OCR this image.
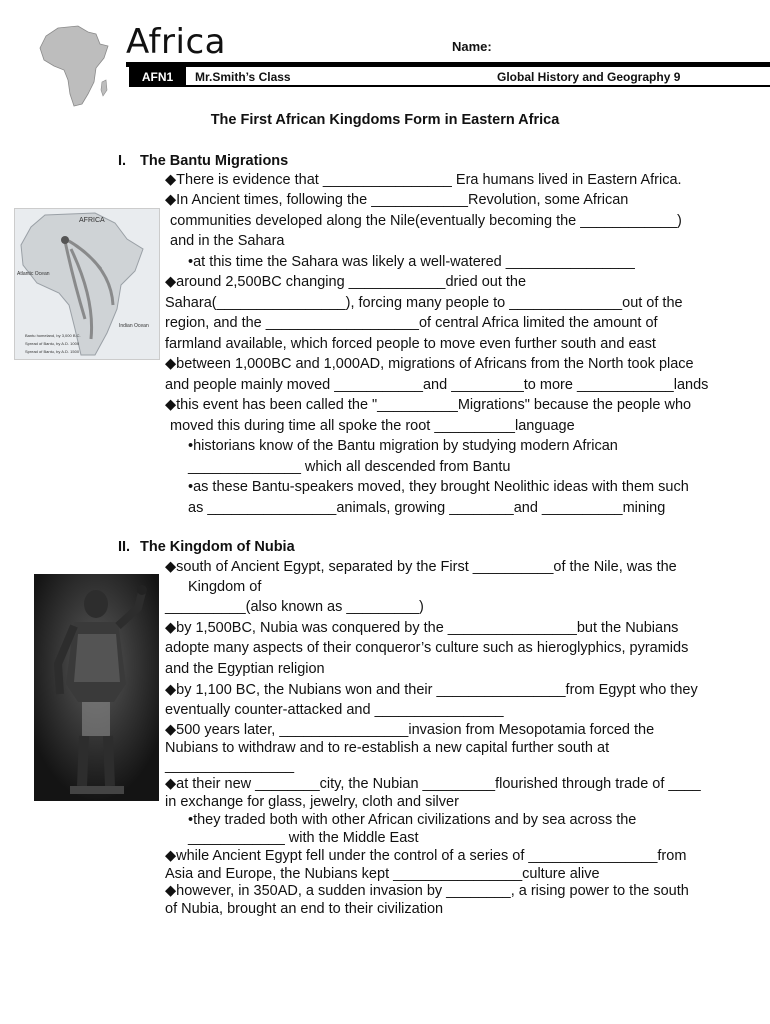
Africa	Name:
AFN1	Mr.Smith’s Class	Global History and Geography 9
The First African Kingdoms Form in Eastern Africa
I. The Bantu Migrations
AFRICA
Atlantic Ocean
Indian Ocean
Bantu homeland, by 3,000 B.C.
Spread of Bantu, by A.D. 1000
Spread of Bantu, by A.D. 1500
◆There is evidence that ________________ Era humans lived in Eastern Africa.
◆In Ancient times, following the ____________Revolution, some African
communities developed along the Nile(eventually becoming the ____________)
and in the Sahara
•at this time the Sahara was likely a well-watered ________________
◆around 2,500BC changing ____________dried out the
Sahara(________________), forcing many people to ______________out of the
region, and the ___________________of central Africa limited the amount of
farmland available, which forced people to move even further south and east
◆between 1,000BC and 1,000AD, migrations of Africans from the North took place
and people mainly moved ___________and _________to more ____________lands
◆this event has been called the "__________Migrations" because the people who
moved this during time all spoke the root __________language
•historians know of the Bantu migration by studying modern African
______________ which all descended from Bantu
•as these Bantu-speakers moved, they brought Neolithic ideas with them such
as ________________animals, growing ________and __________mining
II. The Kingdom of Nubia
◆south of Ancient Egypt, separated by the First __________of the Nile, was the
Kingdom of
__________(also known as _________)
◆by 1,500BC, Nubia was conquered by the ________________but the Nubians
adopte many aspects of their conqueror’s culture such as hieroglyphics, pyramids
and the Egyptian religion
◆by 1,100 BC, the Nubians won and their ________________from Egypt who they
eventually counter-attacked and ________________
◆500 years later, ________________invasion from Mesopotamia forced the
Nubians to withdraw and to re-establish a new capital further south at
________________
◆at their new ________city, the Nubian _________flourished through trade of ____
in exchange for glass, jewelry, cloth and silver
•they traded both with other African civilizations and by sea across the
____________ with the Middle East
◆while Ancient Egypt fell under the control of a series of ________________from
Asia and Europe, the Nubians kept ________________culture alive
◆however, in 350AD, a sudden invasion by ________, a rising power to the south
of Nubia, brought an end to their civilization
